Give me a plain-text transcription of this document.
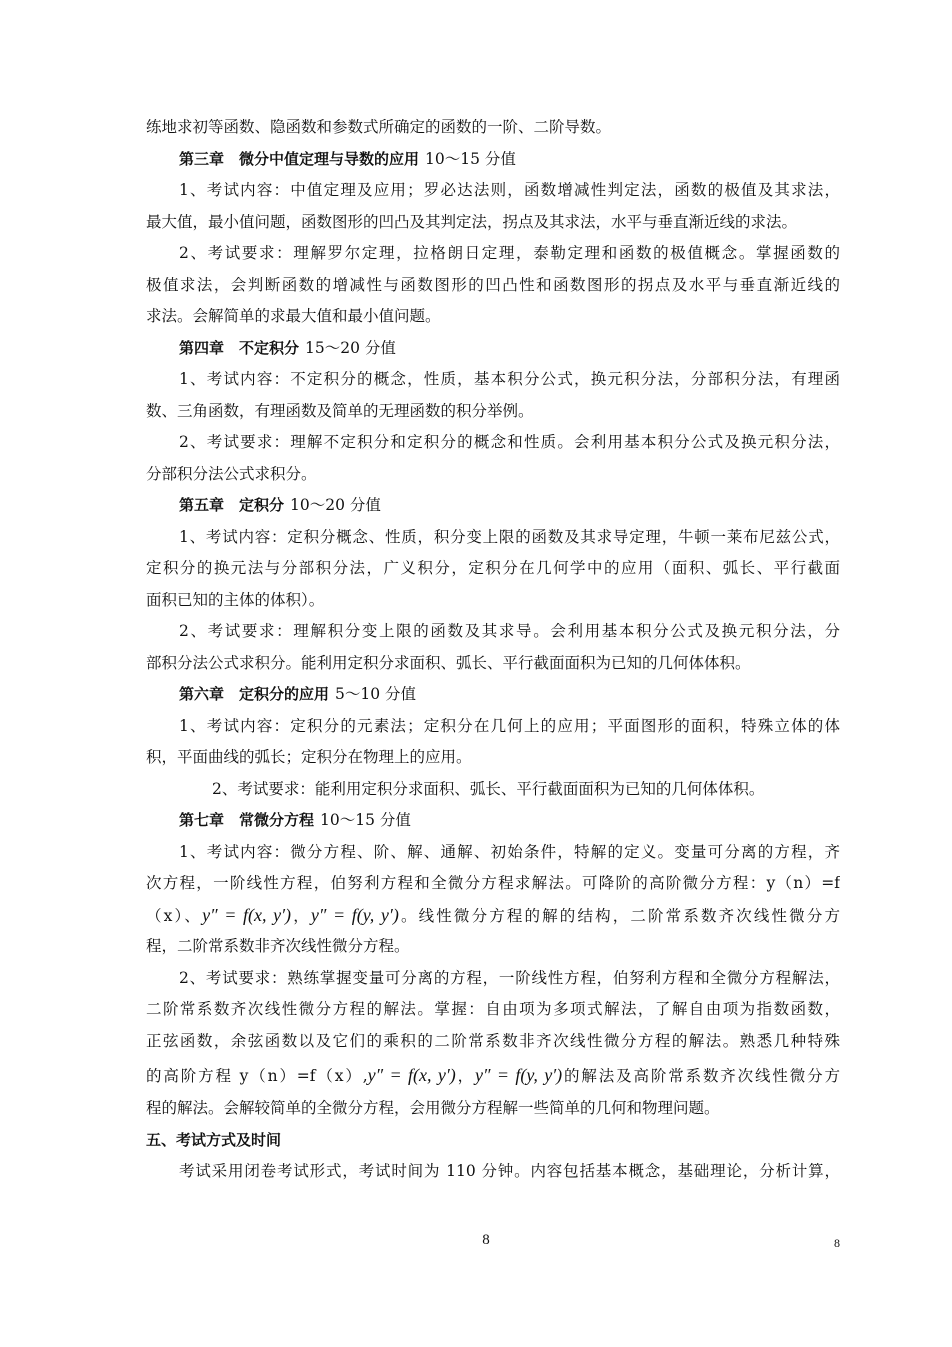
练地求初等函数、隐函数和参数式所确定的函数的一阶、二阶导数。
第三章　微分中值定理与导数的应用 10～15 分值
1、考试内容：中值定理及应用；罗必达法则，函数增减性判定法，函数的极值及其求法，
最大值，最小值问题，函数图形的凹凸及其判定法，拐点及其求法，水平与垂直渐近线的求法。
2、考试要求：理解罗尔定理，拉格朗日定理，泰勒定理和函数的极值概念。掌握函数的
极值求法，会判断函数的增减性与函数图形的凹凸性和函数图形的拐点及水平与垂直渐近线的
求法。会解简单的求最大值和最小值问题。
第四章　不定积分 15～20 分值
1、考试内容：不定积分的概念，性质，基本积分公式，换元积分法，分部积分法，有理函
数、三角函数，有理函数及简单的无理函数的积分举例。
2、考试要求：理解不定积分和定积分的概念和性质。会利用基本积分公式及换元积分法，
分部积分法公式求积分。
第五章　定积分 10～20 分值
1、考试内容：定积分概念、性质，积分变上限的函数及其求导定理，牛顿一莱布尼兹公式，
定积分的换元法与分部积分法，广义积分，定积分在几何学中的应用（面积、弧长、平行截面
面积已知的主体的体积）。
2、考试要求：理解积分变上限的函数及其求导。会利用基本积分公式及换元积分法，分
部积分法公式求积分。能利用定积分求面积、弧长、平行截面面积为已知的几何体体积。
第六章　定积分的应用 5～10 分值
1、考试内容：定积分的元素法；定积分在几何上的应用；平面图形的面积，特殊立体的体
积，平面曲线的弧长；定积分在物理上的应用。
2、考试要求：能利用定积分求面积、弧长、平行截面面积为已知的几何体体积。
第七章　常微分方程 10～15 分值
1、考试内容：微分方程、阶、解、通解、初始条件，特解的定义。变量可分离的方程，齐
次方程，一阶线性方程，伯努利方程和全微分方程求解法。可降阶的高阶微分方程：y（n）=f
（x）、y″ = f(x, y′)，y″ = f(y, y′)。线性微分方程的解的结构，二阶常系数齐次线性微分方
程，二阶常系数非齐次线性微分方程。
2、考试要求：熟练掌握变量可分离的方程，一阶线性方程，伯努利方程和全微分方程解法，
二阶常系数齐次线性微分方程的解法。掌握：自由项为多项式解法，了解自由项为指数函数，
正弦函数，余弦函数以及它们的乘积的二阶常系数非齐次线性微分方程的解法。熟悉几种特殊
的高阶方程 y（n）=f（x）,y″ = f(x, y′)，y″ = f(y, y′)的解法及高阶常系数齐次线性微分方
程的解法。会解较简单的全微分方程，会用微分方程解一些简单的几何和物理问题。
五、考试方式及时间
考试采用闭卷考试形式，考试时间为 110 分钟。内容包括基本概念，基础理论，分析计算，
8	8
